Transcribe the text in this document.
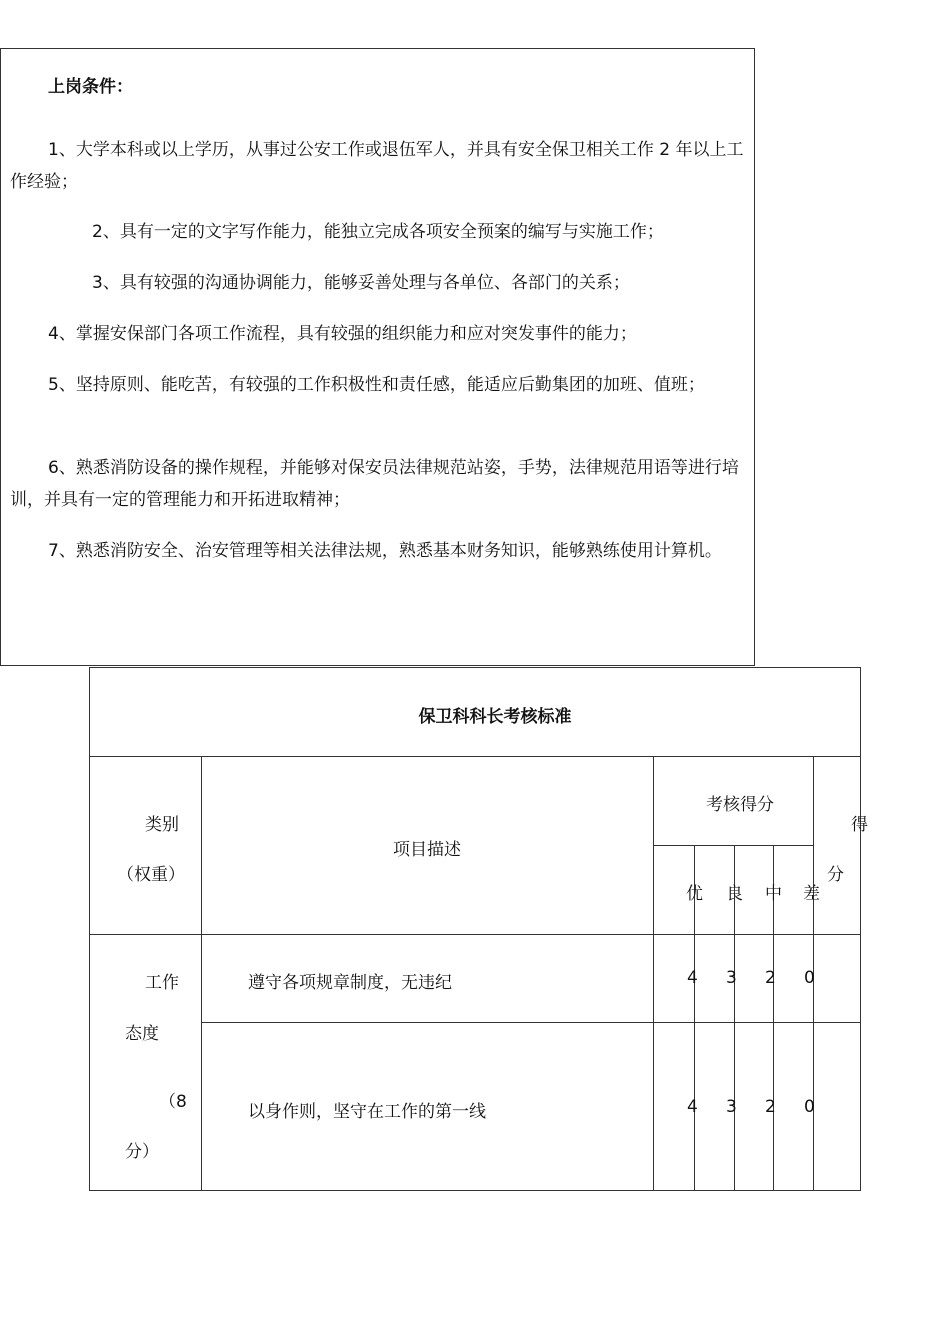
上岗条件：
1、大学本科或以上学历，从事过公安工作或退伍军人，并具有安全保卫相关工作 2 年以上工作经验；
2、具有一定的文字写作能力，能独立完成各项安全预案的编写与实施工作；
3、具有较强的沟通协调能力，能够妥善处理与各单位、各部门的关系；
4、掌握安保部门各项工作流程，具有较强的组织能力和应对突发事件的能力；
5、坚持原则、能吃苦，有较强的工作积极性和责任感，能适应后勤集团的加班、值班；
6、熟悉消防设备的操作规程，并能够对保安员法律规范站姿，手势，法律规范用语等进行培训，并具有一定的管理能力和开拓进取精神；
7、熟悉消防安全、治安管理等相关法律法规，熟悉基本财务知识，能够熟练使用计算机。
保卫科科长考核标准
类别
（权重）
项目描述
考核得分
优 良 中 差
得
分
工作
态度
（8
分）
遵守各项规章制度，无违纪	4 3 2 0
以身作则，坚守在工作的第一线	4 3 2 0
